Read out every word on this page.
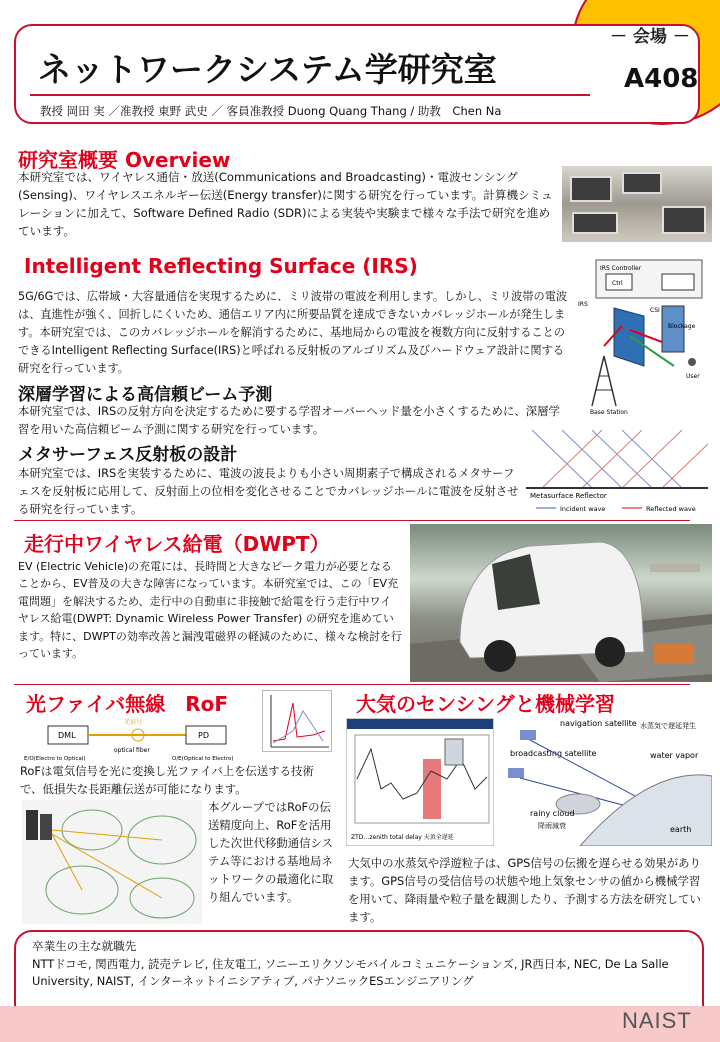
ネットワークシステム学研究室
教授 岡田 実 ／准教授 東野 武史 ／ 客員准教授 Duong Quang Thang / 助教　Chen Na
－ 会場 －
A408
研究室概要 Overview
本研究室では、ワイヤレス通信・放送(Communications and Broadcasting)・電波センシング(Sensing)、ワイヤレスエネルギー伝送(Energy transfer)に関する研究を行っています。計算機シミュレーションに加えて、Software Defined Radio (SDR)による実装や実験まで様々な手法で研究を進めています。
Intelligent Reflecting Surface (IRS)
5G/6Gでは、広帯域・大容量通信を実現するために、ミリ波帯の電波を利用します。しかし、ミリ波帯の電波は、直進性が強く、回折しにくいため、通信エリア内に所要品質を達成できないカバレッジホールが発生します。本研究室では、このカバレッジホールを解消するために、基地局からの電波を複数方向に反射することのできるIntelligent Reflecting Surface(IRS)と呼ばれる反射板のアルゴリズム及びハードウェア設計に関する研究を行っています。
IRS Controller
Ctrl
IRS
Blockage
User
CSI
Base Station
深層学習による高信頼ビーム予測
本研究室では、IRSの反射方向を決定するために要する学習オーバーヘッド量を小さくするために、深層学習を用いた高信頼ビーム予測に関する研究を行っています。
メタサーフェス反射板の設計
本研究室では、IRSを実装するために、電波の波長よりも小さい周期素子で構成されるメタサーフェスを反射板に応用して、反射面上の位相を変化させることでカバレッジホールに電波を反射させる研究を行っています。
Metasurface Reflector
Incident wave	Reflected wave
走行中ワイヤレス給電（DWPT）
EV (Electric Vehicle)の充電には、長時間と大きなピーク電力が必要となることから、EV普及の大きな障害になっています。本研究室では、この「EV充電問題」を解決するため、走行中の自動車に非接触で給電を行う走行中ワイヤレス給電(DWPT: Dynamic Wireless Power Transfer) の研究を進めています。特に、DWPTの効率改善と漏洩電磁界の軽減のために、様々な検討を行っています。
光ファイバ無線　RoF
DML
光信号
optical fiber
PD
E/O(Electro to Optical)	O/E(Optical to Electro)
RoFは電気信号を光に変換し光ファイバ上を伝送する技術で、低損失な長距離伝送が可能になります。
本グループではRoFの伝送精度向上、RoFを活用した次世代移動通信システム等における基地局ネットワークの最適化に取り組んでいます。
大気のセンシングと機械学習
ZTD…zenith total delay 天頂全遅延
navigation satellite
broadcasting satellite
水蒸気で遅延発生
water vapor
rainy cloud
降雨減衰	earth
大気中の水蒸気や浮遊粒子は、GPS信号の伝搬を遅らせる効果があります。GPS信号の受信信号の状態や地上気象センサの値から機械学習を用いて、降雨量や粒子量を観測したり、予測する方法を研究しています。
卒業生の主な就職先
NTTドコモ, 関西電力, 読売テレビ, 住友電工, ソニーエリクソンモバイルコミュニケーションズ, JR西日本, NEC, De La Salle University, NAIST, インターネットイニシアティブ, パナソニックESエンジニアリング
NAIST
